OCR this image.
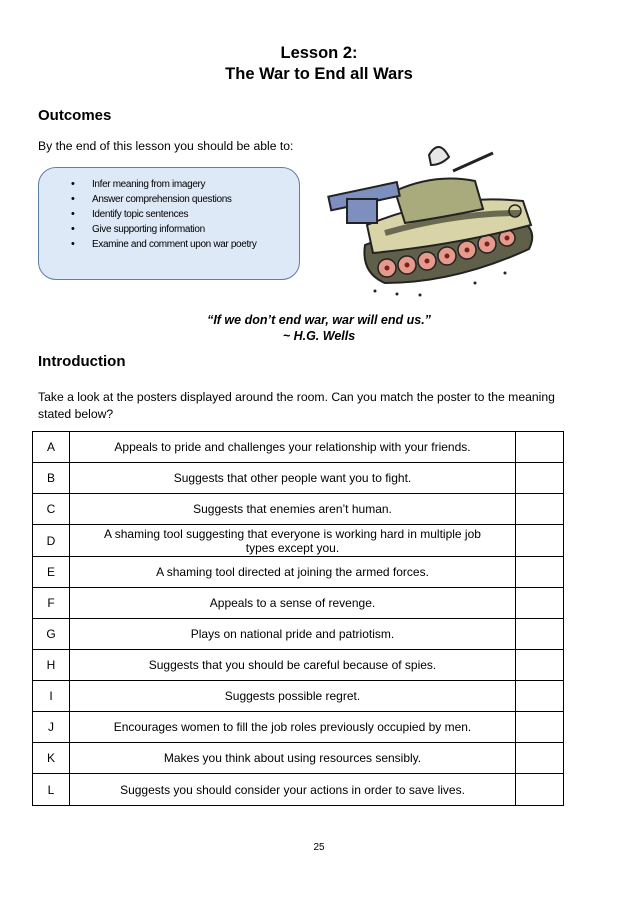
Lesson 2:
The War to End all Wars
Outcomes
By the end of this lesson you should be able to:
• Infer meaning from imagery
• Answer comprehension questions
• Identify topic sentences
• Give supporting information
• Examine and comment upon war poetry
“If we don’t end war, war will end us.”
~ H.G. Wells
Introduction
Take a look at the posters displayed around the room. Can you match the poster to the meaning stated below?
A	Appeals to pride and challenges your relationship with your friends.	
B	Suggests that other people want you to fight.	
C	Suggests that enemies aren’t human.	
D	A shaming tool suggesting that everyone is working hard in multiple job types except you.	
E	A shaming tool directed at joining the armed forces.	
F	Appeals to a sense of revenge.	
G	Plays on national pride and patriotism.	
H	Suggests that you should be careful because of spies.	
I	Suggests possible regret.	
J	Encourages women to fill the job roles previously occupied by men.	
K	Makes you think about using resources sensibly.	
L	Suggests you should consider your actions in order to save lives.	
25
